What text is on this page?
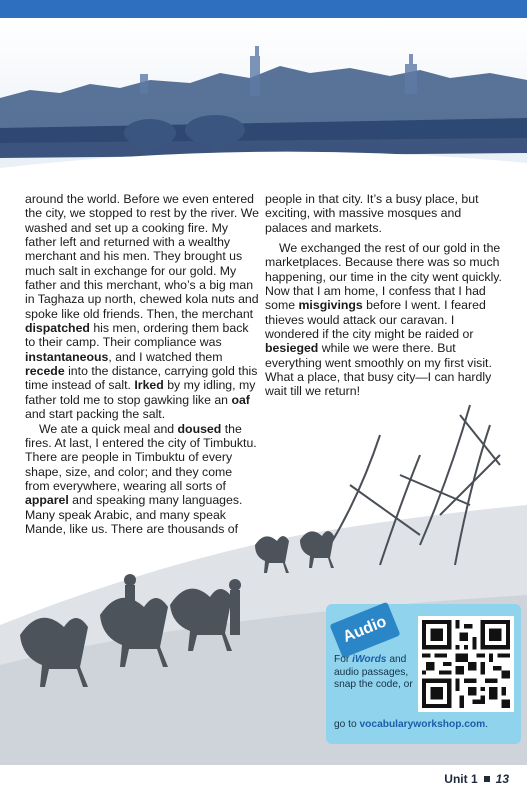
around the world. Before we even entered the city, we stopped to rest by the river. We washed and set up a cooking fire. My father left and returned with a wealthy merchant and his men. They brought us much salt in exchange for our gold. My father and this merchant, who’s a big man in Taghaza up north, chewed kola nuts and spoke like old friends. Then, the merchant dispatched his men, ordering them back to their camp. Their compliance was instantaneous, and I watched them recede into the distance, carrying gold this time instead of salt. Irked by my idling, my father told me to stop gawking like an oaf and start packing the salt.

We ate a quick meal and doused the fires. At last, I entered the city of Timbuktu. There are people in Timbuktu of every shape, size, and color; and they come from everywhere, wearing all sorts of apparel and speaking many languages. Many speak Arabic, and many speak Mande, like us. There are thousands of

people in that city. It’s a busy place, but exciting, with massive mosques and palaces and markets.

We exchanged the rest of our gold in the marketplaces. Because there was so much happening, our time in the city went quickly. Now that I am home, I confess that I had some misgivings before I went. I feared thieves would attack our caravan. I wondered if the city might be raided or besieged while we were there. But everything went smoothly on my first visit. What a place, that busy city—I can hardly wait till we return!

Audio
For iWords and audio passages, snap the code, or
go to vocabularyworkshop.com.
Unit 1 13
